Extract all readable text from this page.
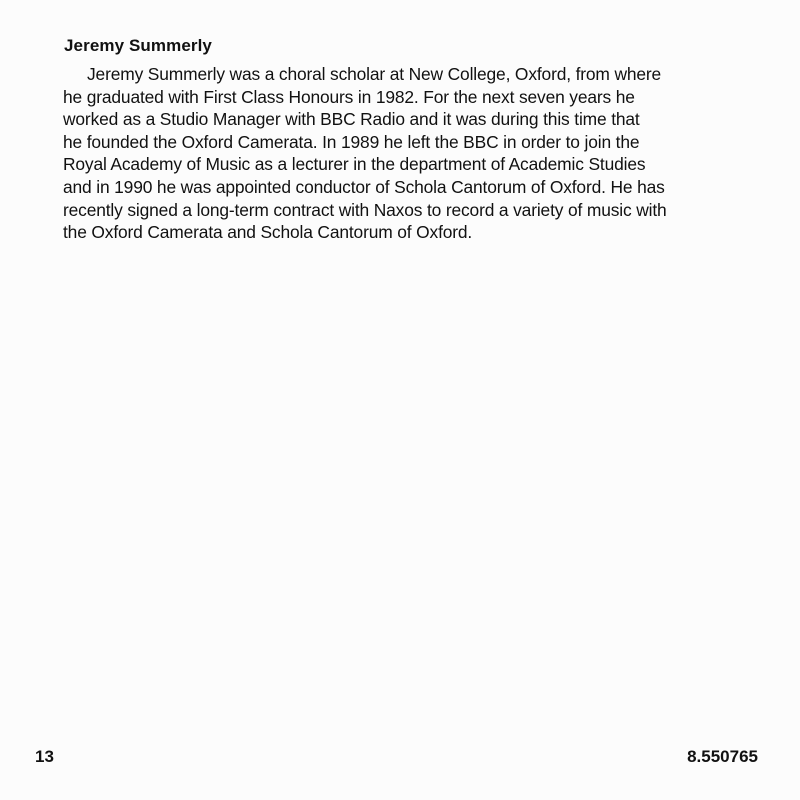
Jeremy Summerly

Jeremy Summerly was a choral scholar at New College, Oxford, from where
he graduated with First Class Honours in 1982. For the next seven years he
worked as a Studio Manager with BBC Radio and it was during this time that
he founded the Oxford Camerata. In 1989 he left the BBC in order to join the
Royal Academy of Music as a lecturer in the department of Academic Studies
and in 1990 he was appointed conductor of Schola Cantorum of Oxford. He has
recently signed a long-term contract with Naxos to record a variety of music with
the Oxford Camerata and Schola Cantorum of Oxford.

13	8.550765
